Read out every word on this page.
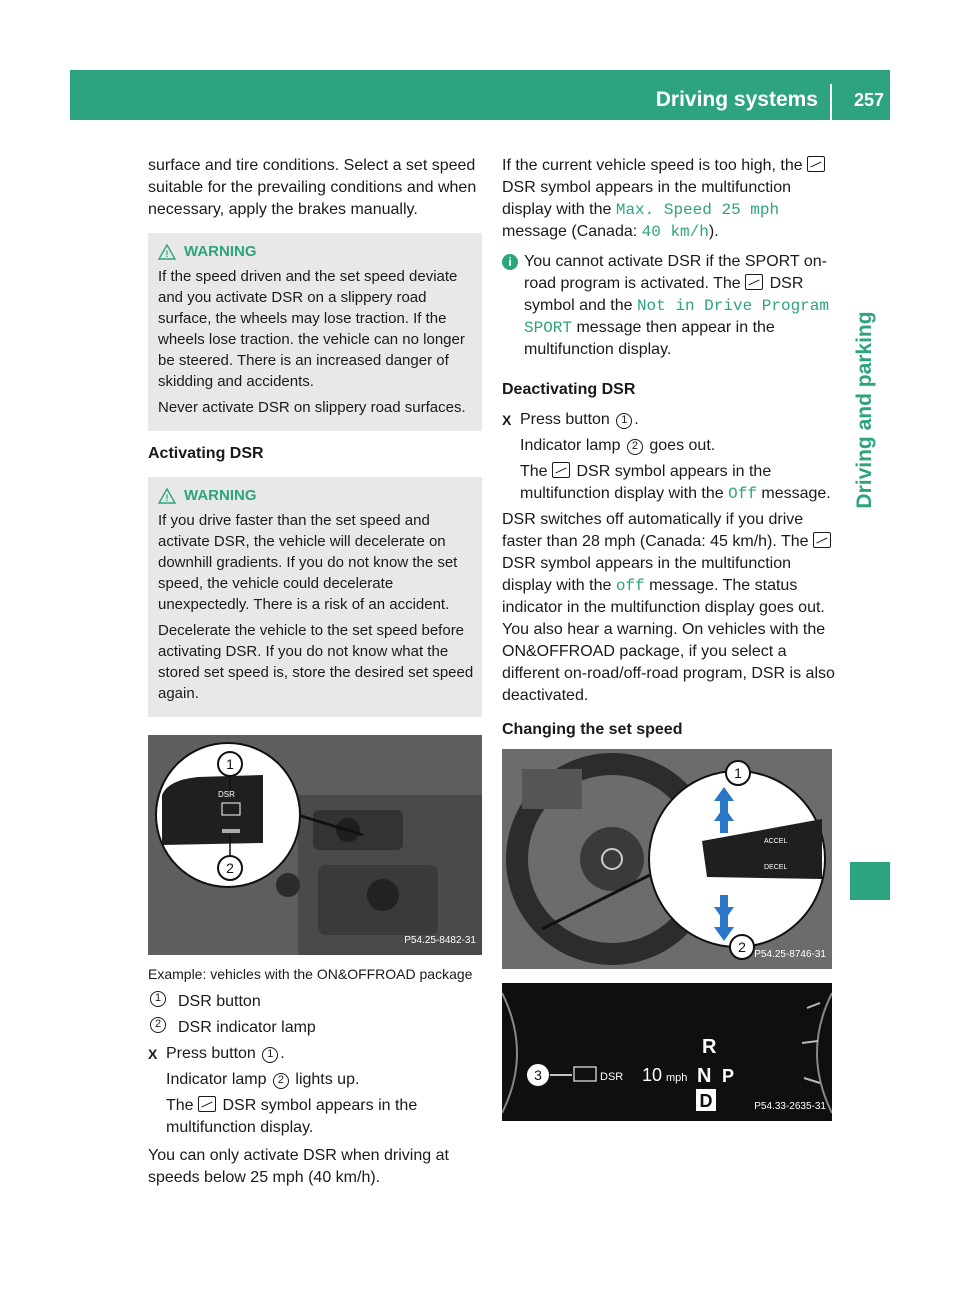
Driving systems 257
Driving and parking

surface and tire conditions. Select a set speed suitable for the prevailing conditions and when necessary, apply the brakes manually.

! WARNING

If the speed driven and the set speed deviate and you activate DSR on a slippery road surface, the wheels may lose traction. If the wheels lose traction. the vehicle can no longer be steered. There is an increased danger of skidding and accidents.

Never activate DSR on slippery road surfaces.

Activating DSR

! WARNING

If you drive faster than the set speed and activate DSR, the vehicle will decelerate on downhill gradients. If you do not know the set speed, the vehicle could decelerate unexpectedly. There is a risk of an accident.

Decelerate the vehicle to the set speed before activating DSR. If you do not know what the stored set speed is, store the desired set speed again.

1
DSR
2
P54.25-8482-31

Example: vehicles with the ON&OFFROAD package

1	DSR button
2	DSR indicator lamp
X Press button 1 .
Indicator lamp 2 lights up.
The  DSR symbol appears in the multifunction display.

You can only activate DSR when driving at speeds below 25 mph (40 km/h).

If the current vehicle speed is too high, the  DSR symbol appears in the multifunction display with the Max. Speed 25 mph message (Canada: 40 km/h).

i You cannot activate DSR if the SPORT on-road program is activated. The  DSR symbol and the Not in Drive Program SPORT message then appear in the multifunction display.

Deactivating DSR

X Press button 1 .
Indicator lamp 2 goes out.
The  DSR symbol appears in the multifunction display with the Off message.

DSR switches off automatically if you drive faster than 28 mph (Canada: 45 km/h). The  DSR symbol appears in the multifunction display with the off message. The status indicator in the multifunction display goes out. You also hear a warning. On vehicles with the ON&OFFROAD package, if you select a different on-road/off-road program, DSR is also deactivated.

Changing the set speed

ACCEL
DECEL
1
2 P54.25-8746-31
3	DSR 10 mph
R
N P
D	P54.33-2635-31
